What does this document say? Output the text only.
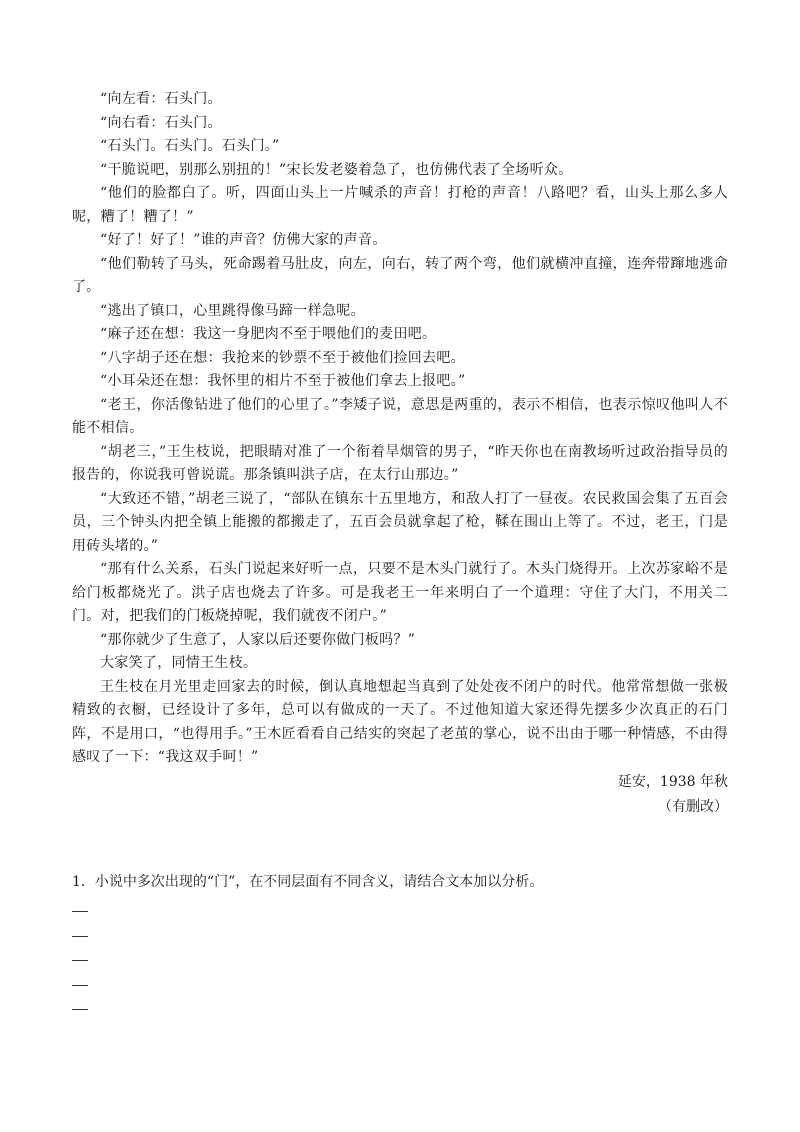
“向左看：石头门。

“向右看：石头门。

“石头门。石头门。石头门。”

“干脆说吧，别那么别扭的！”宋长发老婆着急了，也仿佛代表了全场听众。

“他们的脸都白了。听，四面山头上一片喊杀的声音！打枪的声音！八路吧？看，山头上那么多人呢，糟了！糟了！”

“好了！好了！”谁的声音？仿佛大家的声音。

“他们勒转了马头，死命踢着马肚皮，向左，向右，转了两个弯，他们就横冲直撞，连奔带蹿地逃命了。

“逃出了镇口，心里跳得像马蹄一样急呢。

“麻子还在想：我这一身肥肉不至于喂他们的麦田吧。

“八字胡子还在想：我抢来的钞票不至于被他们捡回去吧。

“小耳朵还在想：我怀里的相片不至于被他们拿去上报吧。”

“老王，你活像钻进了他们的心里了。”李矮子说，意思是两重的，表示不相信，也表示惊叹他叫人不能不相信。

“胡老三，”王生枝说，把眼睛对准了一个衔着旱烟管的男子，“昨天你也在南教场听过政治指导员的报告的，你说我可曾说谎。那条镇叫洪子店，在太行山那边。”

“大致还不错，”胡老三说了，“部队在镇东十五里地方，和敌人打了一昼夜。农民救国会集了五百会员，三个钟头内把全镇上能搬的都搬走了，五百会员就拿起了枪，鞣在围山上等了。不过，老王，门是用砖头堵的。”

“那有什么关系，石头门说起来好听一点，只要不是木头门就行了。木头门烧得开。上次苏家峪不是给门板都烧光了。洪子店也烧去了许多。可是我老王一年来明白了一个道理：守住了大门，不用关二门。对，把我们的门板烧掉呢，我们就夜不闭户。”

“那你就少了生意了，人家以后还要你做门板吗？”

大家笑了，同情王生枝。

王生枝在月光里走回家去的时候，倒认真地想起当真到了处处夜不闭户的时代。他常常想做一张极精致的衣橱，已经设计了多年，总可以有做成的一天了。不过他知道大家还得先摆多少次真正的石门阵，不是用口，“也得用手。”王木匠看看自己结实的突起了老茧的掌心，说不出由于哪一种情感，不由得感叹了一下：“我这双手呵！”

延安，1938 年秋

（有删改）

1．小说中多次出现的“门”，在不同层面有不同含义，请结合文本加以分析。
